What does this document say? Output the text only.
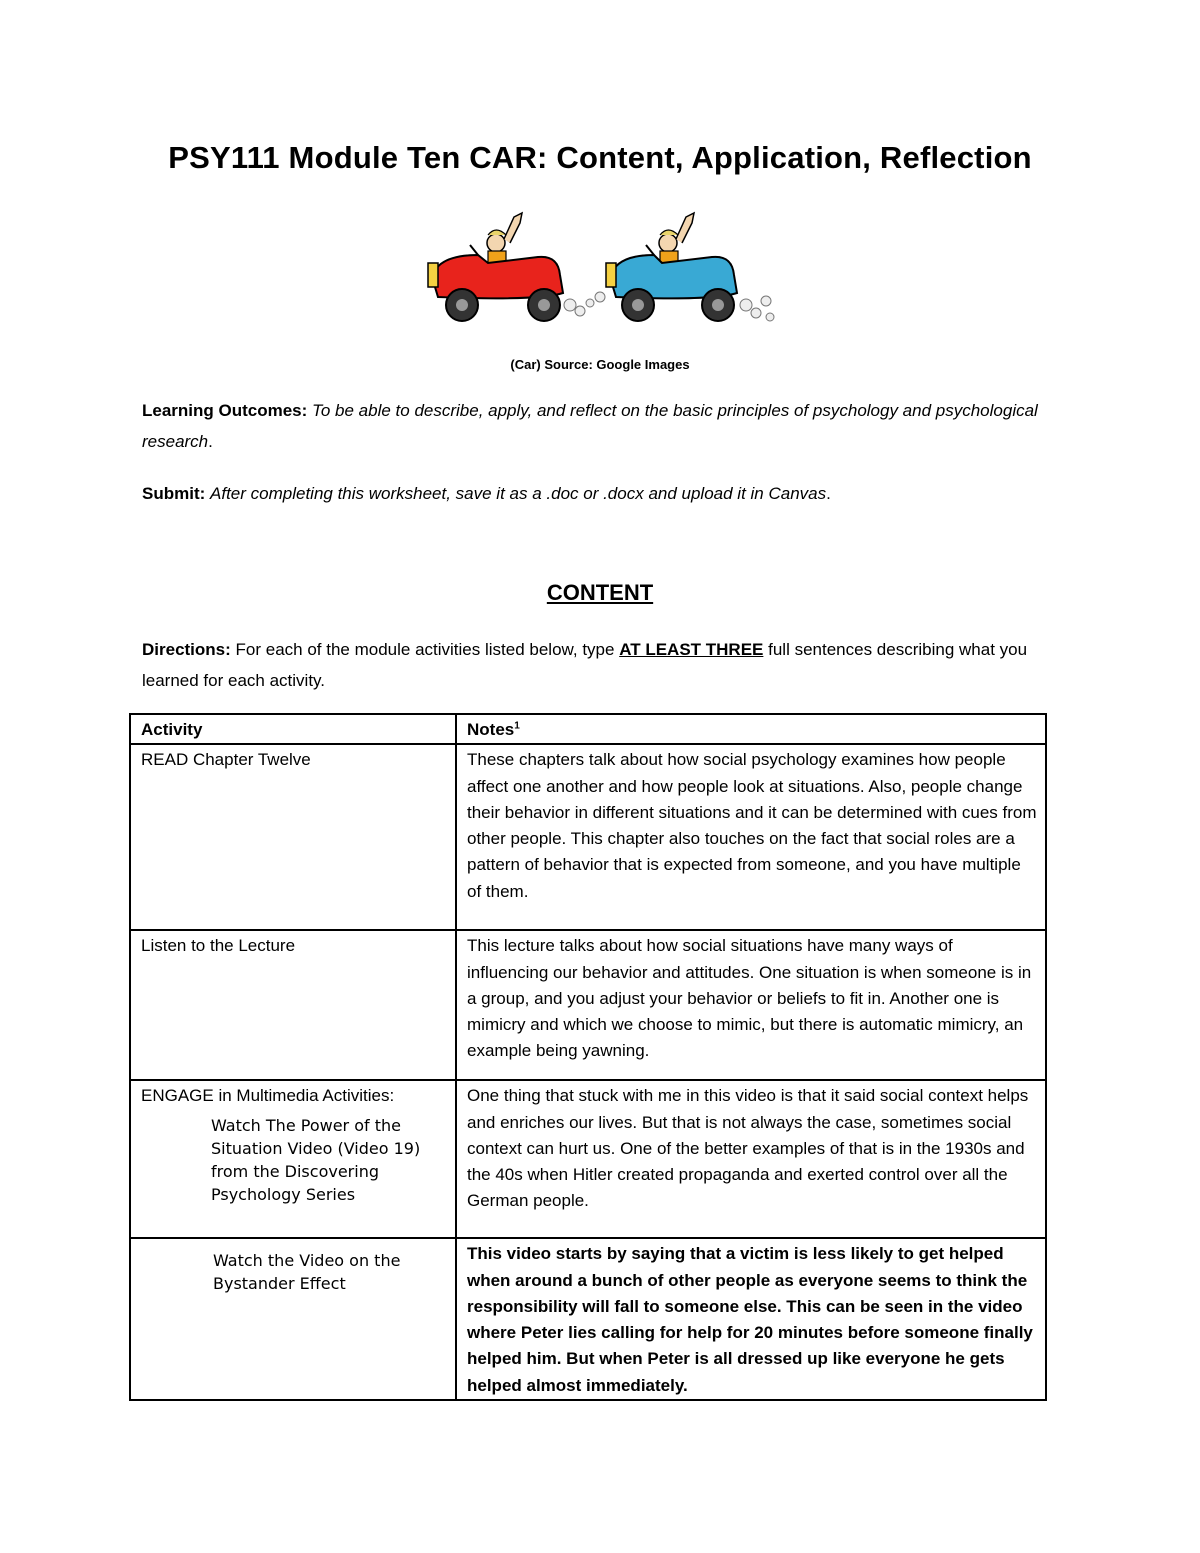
PSY111 Module Ten CAR: Content, Application, Reflection
(Car) Source: Google Images
Learning Outcomes: To be able to describe, apply, and reflect on the basic principles of psychology and psychological research.
Submit: After completing this worksheet, save it as a .doc or .docx and upload it in Canvas.
CONTENT
Directions: For each of the module activities listed below, type AT LEAST THREE full sentences describing what you learned for each activity.
Activity	Notes$^1$
READ Chapter Twelve	These chapters talk about how social psychology examines how people affect one another and how people look at situations. Also, people change their behavior in different situations and it can be determined with cues from other people. This chapter also touches on the fact that social roles are a pattern of behavior that is expected from someone, and you have multiple of them.
Listen to the Lecture	This lecture talks about how social situations have many ways of influencing our behavior and attitudes. One situation is when someone is in a group, and you adjust your behavior or beliefs to fit in. Another one is mimicry and which we choose to mimic, but there is automatic mimicry, an example being yawning.

ENGAGE in Multimedia Activities:
Watch The Power of the Situation Video (Video 19) from the Discovering Psychology Series	One thing that stuck with me in this video is that it said social context helps and enriches our lives. But that is not always the case, sometimes social context can hurt us. One of the better examples of that is in the 1930s and the 40s when Hitler created propaganda and exerted control over all the German people.

Watch the Video on the Bystander Effect	This video starts by saying that a victim is less likely to get helped when around a bunch of other people as everyone seems to think the responsibility will fall to someone else. This can be seen in the video where Peter lies calling for help for 20 minutes before someone finally helped him. But when Peter is all dressed up like everyone he gets helped almost immediately.
